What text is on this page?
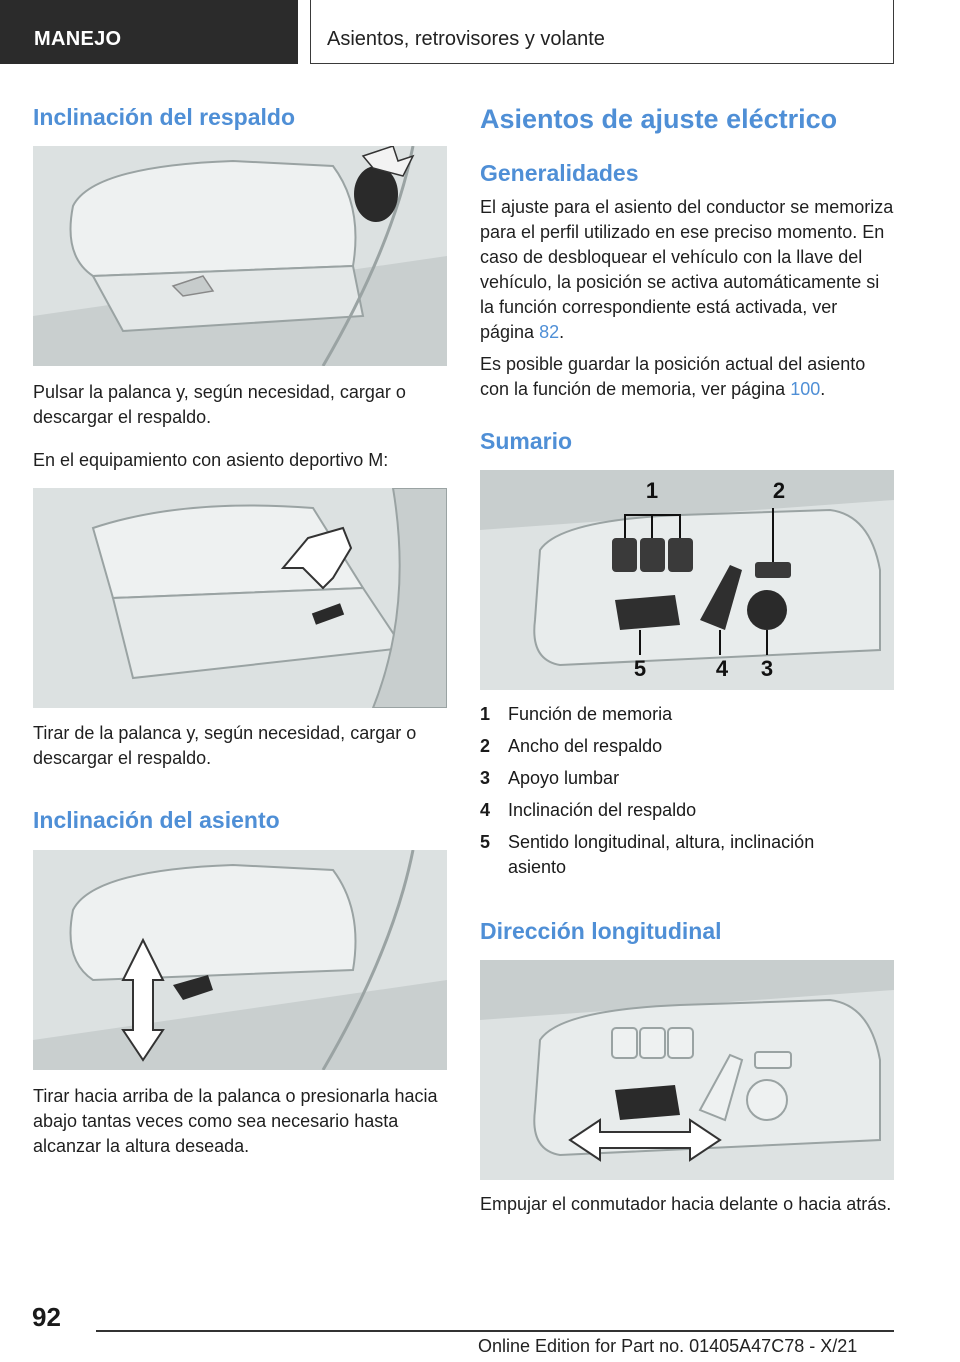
MANEJO	Asientos, retrovisores y volante
Inclinación del respaldo
Pulsar la palanca y, según necesidad, cargar o descargar el respaldo.
En el equipamiento con asiento deportivo M:
Tirar de la palanca y, según necesidad, cargar o descargar el respaldo.
Inclinación del asiento
Tirar hacia arriba de la palanca o presionarla hacia abajo tantas veces como sea necesario hasta alcanzar la altura deseada.
Asientos de ajuste eléctrico
Generalidades
El ajuste para el asiento del conductor se memoriza para el perfil utilizado en ese preciso momento. En caso de desbloquear el vehículo con la llave del vehículo, la posición se activa automáticamente si la función correspondiente está activada, ver página 82.
Es posible guardar la posición actual del asiento con la función de memoria, ver página 100.
Sumario
1	2
3
4
5
1 Función de memoria
2 Ancho del respaldo
3 Apoyo lumbar
4 Inclinación del respaldo
5 Sentido longitudinal, altura, inclinación asiento
Dirección longitudinal
Empujar el conmutador hacia delante o hacia atrás.
92
Online Edition for Part no. 01405A47C78 - X/21
